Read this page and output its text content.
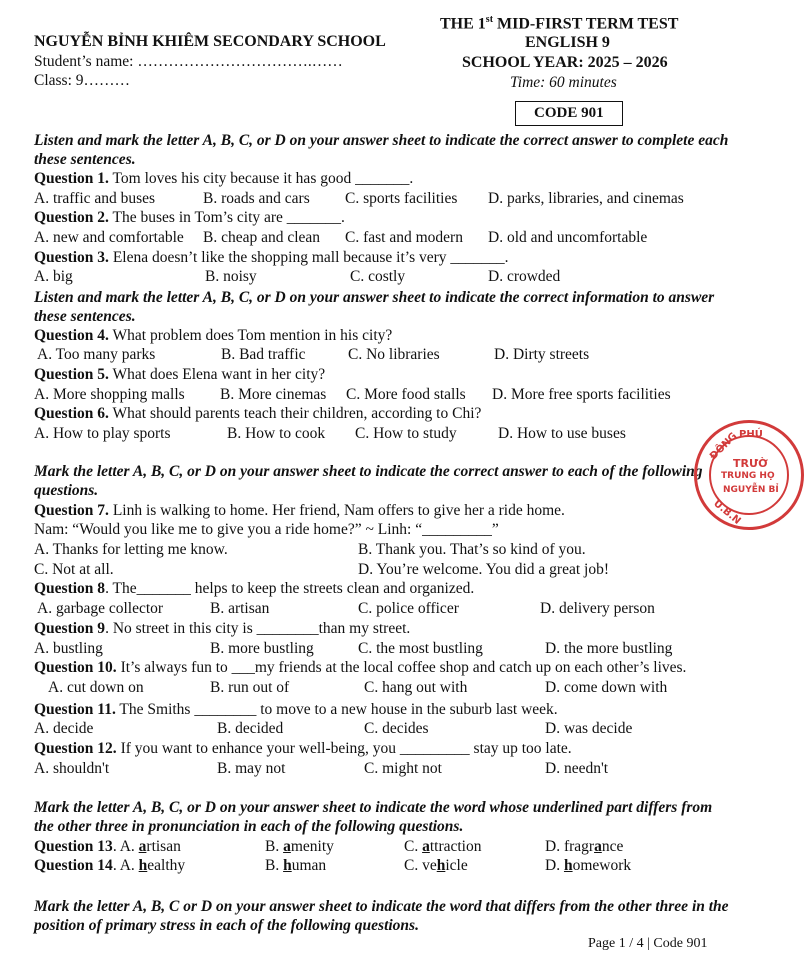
NGUYỄN BỈNH KHIÊM SECONDARY SCHOOL
Student’s name: …………………………….……
Class: 9………
THE 1st MID-FIRST TERM TEST
ENGLISH 9
SCHOOL YEAR: 2025 – 2026
Time: 60 minutes
CODE 901
Listen and mark the letter A, B, C, or D on your answer sheet to indicate the correct answer to complete each these sentences.
Question 1. Tom loves his city because it has good _______.
A. traffic and buses	B. roads and cars C. sports facilities D. parks, libraries, and cinemas
Question 2. The buses in Tom’s city are _______.
A. new and comfortable B. cheap and clean C. fast and modern D. old and uncomfortable
Question 3. Elena doesn’t like the shopping mall because it’s very _______.
A. big	B. noisy	C. costly	D. crowded
Listen and mark the letter A, B, C, or D on your answer sheet to indicate the correct information to answer these sentences.
Question 4. What problem does Tom mention in his city?
A. Too many parks	B. Bad traffic	C. No libraries	D. Dirty streets
Question 5. What does Elena want in her city?
A. More shopping malls B. More cinemas C. More food stalls D. More free sports facilities
Question 6. What should parents teach their children, according to Chi?
A. How to play sports	B. How to cook C. How to study	D. How to use buses
Mark the letter A, B, C, or D on your answer sheet to indicate the correct answer to each of the following questions.
Question 7. Linh is walking to home. Her friend, Nam offers to give her a ride home.
Nam: “Would you like me to give you a ride home?” ~ Linh: “_________”
A. Thanks for letting me know.	B. Thank you. That’s so kind of you.
C. Not at all.	D. You’re welcome. You did a great job!
Question 8. The_______ helps to keep the streets clean and organized.
A. garbage collector	B. artisan	C. police officer	D. delivery person
Question 9. No street in this city is ________than my street.
A. bustling	B. more bustling	C. the most bustling	D. the more bustling
Question 10. It’s always fun to ___my friends at the local coffee shop and catch up on each other’s lives.
A. cut down on	B. run out of	C. hang out with	D. come down with
Question 11. The Smiths ________ to move to a new house in the suburb last week.
A. decide	B. decided	C. decides	D. was decide
Question 12. If you want to enhance your well-being, you _________ stay up too late.
A. shouldn't	B. may not	C. might not	D. needn't
Mark the letter A, B, C, or D on your answer sheet to indicate the word whose underlined part differs from the other three in pronunciation in each of the following questions.
Question 13. A. artisan	B. amenity	C. attraction	D. fragrance
Question 14. A. healthy	B. human	C. vehicle	D. homework
Mark the letter A, B, C or D on your answer sheet to indicate the word that differs from the other three in the position of primary stress in each of the following questions.
Page 1 / 4 | Code 901
PHÚ
ĐÔNG
TRƯỜ
TRUNG HỌ
NGUYỄN BỈ
U.B.N
